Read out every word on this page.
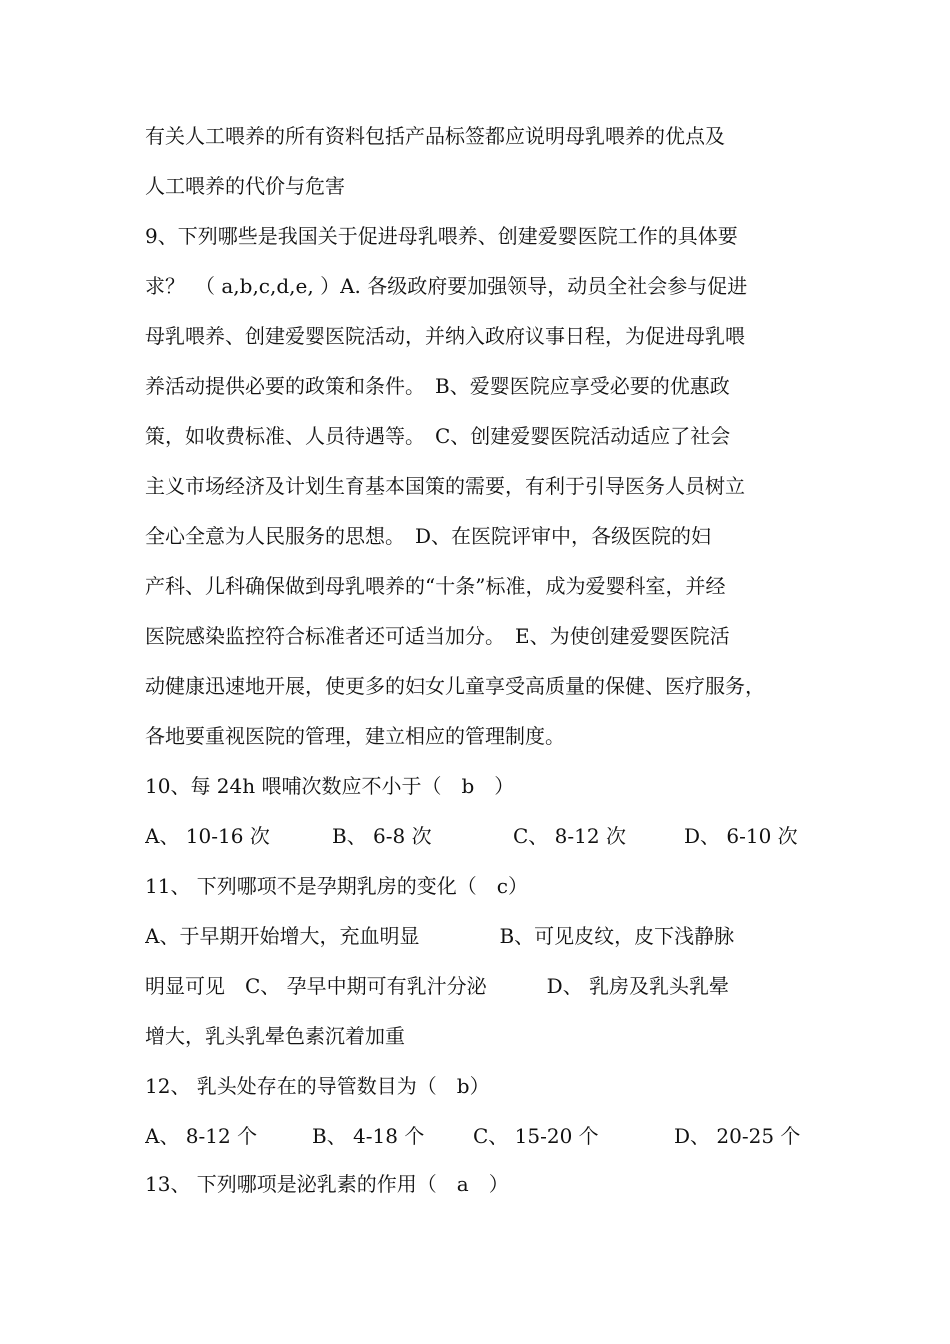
有关人工喂养的所有资料包括产品标签都应说明母乳喂养的优点及
人工喂养的代价与危害
9、下列哪些是我国关于促进母乳喂养、创建爱婴医院工作的具体要
求？　（ a,b,c,d,e, ）A. 各级政府要加强领导，动员全社会参与促进
母乳喂养、创建爱婴医院活动，并纳入政府议事日程，为促进母乳喂
养活动提供必要的政策和条件。　B、爱婴医院应享受必要的优惠政
策，如收费标准、人员待遇等。　C、创建爱婴医院活动适应了社会
主义市场经济及计划生育基本国策的需要，有利于引导医务人员树立
全心全意为人民服务的思想。　D、在医院评审中，各级医院的妇
产科、儿科确保做到母乳喂养的“十条”标准，成为爱婴科室，并经
医院感染监控符合标准者还可适当加分。　E、为使创建爱婴医院活
动健康迅速地开展，使更多的妇女儿童享受高质量的保健、医疗服务，
各地要重视医院的管理，建立相应的管理制度。
10、每 24h 喂哺次数应不小于（　b　）
A、 10-16 次	B、 6-8 次	C、 8-12 次	D、 6-10 次
11、 下列哪项不是孕期乳房的变化（　c）
A、于早期开始增大，充血明显　　　　B、可见皮纹，皮下浅静脉
明显可见　C、 孕早中期可有乳汁分泌　　　D、 乳房及乳头乳晕
增大，乳头乳晕色素沉着加重
12、 乳头处存在的导管数目为（　b）
A、 8-12 个	B、 4-18 个	C、 15-20 个	D、 20-25 个
13、 下列哪项是泌乳素的作用（　a　）
